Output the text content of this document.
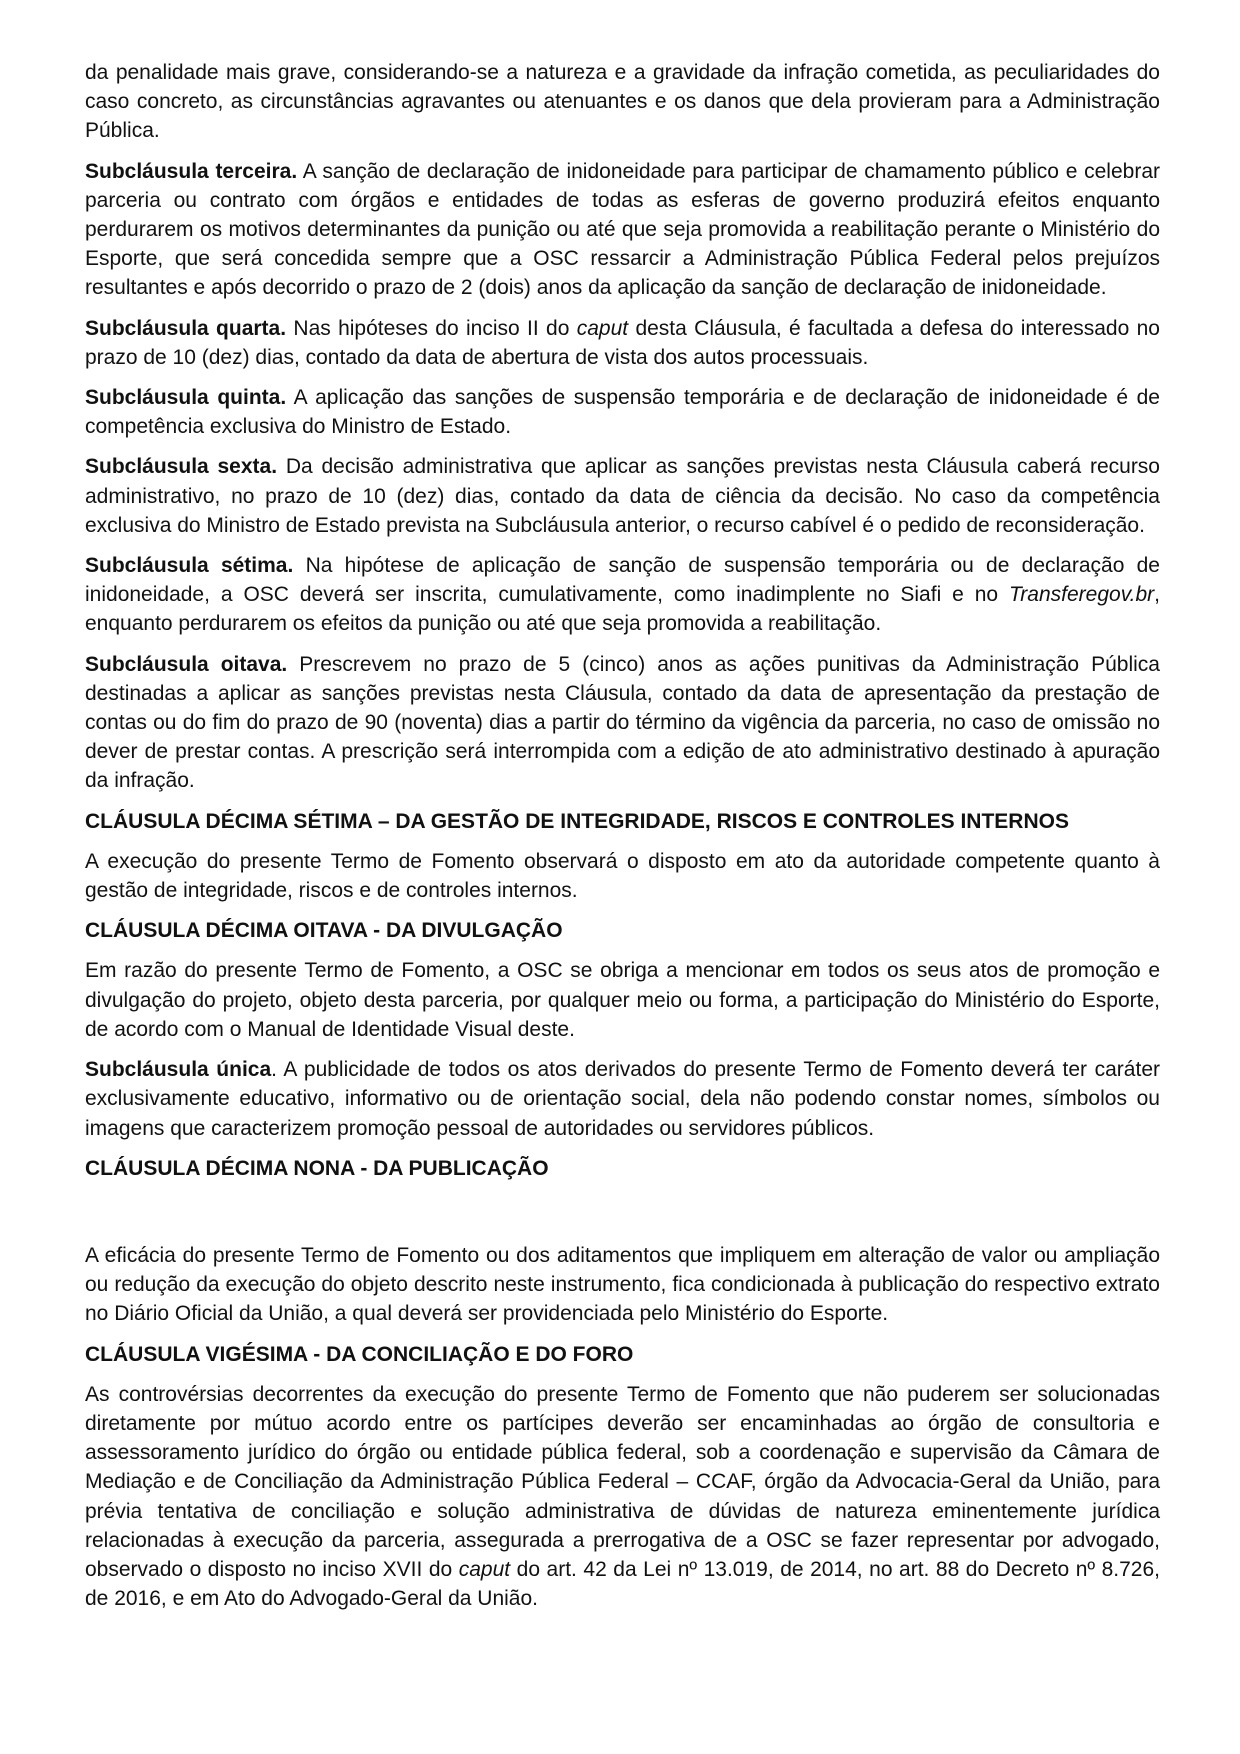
da penalidade mais grave, considerando-se a natureza e a gravidade da infração cometida, as peculiaridades do caso concreto, as circunstâncias agravantes ou atenuantes e os danos que dela provieram para a Administração Pública.

Subcláusula terceira. A sanção de declaração de inidoneidade para participar de chamamento público e celebrar parceria ou contrato com órgãos e entidades de todas as esferas de governo produzirá efeitos enquanto perdurarem os motivos determinantes da punição ou até que seja promovida a reabilitação perante o Ministério do Esporte, que será concedida sempre que a OSC ressarcir a Administração Pública Federal pelos prejuízos resultantes e após decorrido o prazo de 2 (dois) anos da aplicação da sanção de declaração de inidoneidade.

Subcláusula quarta. Nas hipóteses do inciso II do caput desta Cláusula, é facultada a defesa do interessado no prazo de 10 (dez) dias, contado da data de abertura de vista dos autos processuais.

Subcláusula quinta. A aplicação das sanções de suspensão temporária e de declaração de inidoneidade é de competência exclusiva do Ministro de Estado.

Subcláusula sexta. Da decisão administrativa que aplicar as sanções previstas nesta Cláusula caberá recurso administrativo, no prazo de 10 (dez) dias, contado da data de ciência da decisão. No caso da competência exclusiva do Ministro de Estado prevista na Subcláusula anterior, o recurso cabível é o pedido de reconsideração.

Subcláusula sétima. Na hipótese de aplicação de sanção de suspensão temporária ou de declaração de inidoneidade, a OSC deverá ser inscrita, cumulativamente, como inadimplente no Siafi e no Transferegov.br, enquanto perdurarem os efeitos da punição ou até que seja promovida a reabilitação.

Subcláusula oitava. Prescrevem no prazo de 5 (cinco) anos as ações punitivas da Administração Pública destinadas a aplicar as sanções previstas nesta Cláusula, contado da data de apresentação da prestação de contas ou do fim do prazo de 90 (noventa) dias a partir do término da vigência da parceria, no caso de omissão no dever de prestar contas. A prescrição será interrompida com a edição de ato administrativo destinado à apuração da infração.

CLÁUSULA DÉCIMA SÉTIMA – DA GESTÃO DE INTEGRIDADE, RISCOS E CONTROLES INTERNOS

A execução do presente Termo de Fomento observará o disposto em ato da autoridade competente quanto à gestão de integridade, riscos e de controles internos.

CLÁUSULA DÉCIMA OITAVA - DA DIVULGAÇÃO

Em razão do presente Termo de Fomento, a OSC se obriga a mencionar em todos os seus atos de promoção e divulgação do projeto, objeto desta parceria, por qualquer meio ou forma, a participação do Ministério do Esporte, de acordo com o Manual de Identidade Visual deste.

Subcláusula única. A publicidade de todos os atos derivados do presente Termo de Fomento deverá ter caráter exclusivamente educativo, informativo ou de orientação social, dela não podendo constar nomes, símbolos ou imagens que caracterizem promoção pessoal de autoridades ou servidores públicos.

CLÁUSULA DÉCIMA NONA - DA PUBLICAÇÃO

A eficácia do presente Termo de Fomento ou dos aditamentos que impliquem em alteração de valor ou ampliação ou redução da execução do objeto descrito neste instrumento, fica condicionada à publicação do respectivo extrato no Diário Oficial da União, a qual deverá ser providenciada pelo Ministério do Esporte.

CLÁUSULA VIGÉSIMA - DA CONCILIAÇÃO E DO FORO

As controvérsias decorrentes da execução do presente Termo de Fomento que não puderem ser solucionadas diretamente por mútuo acordo entre os partícipes deverão ser encaminhadas ao órgão de consultoria e assessoramento jurídico do órgão ou entidade pública federal, sob a coordenação e supervisão da Câmara de Mediação e de Conciliação da Administração Pública Federal – CCAF, órgão da Advocacia-Geral da União, para prévia tentativa de conciliação e solução administrativa de dúvidas de natureza eminentemente jurídica relacionadas à execução da parceria, assegurada a prerrogativa de a OSC se fazer representar por advogado, observado o disposto no inciso XVII do caput do art. 42 da Lei nº 13.019, de 2014, no art. 88 do Decreto nº 8.726, de 2016, e em Ato do Advogado-Geral da União.
